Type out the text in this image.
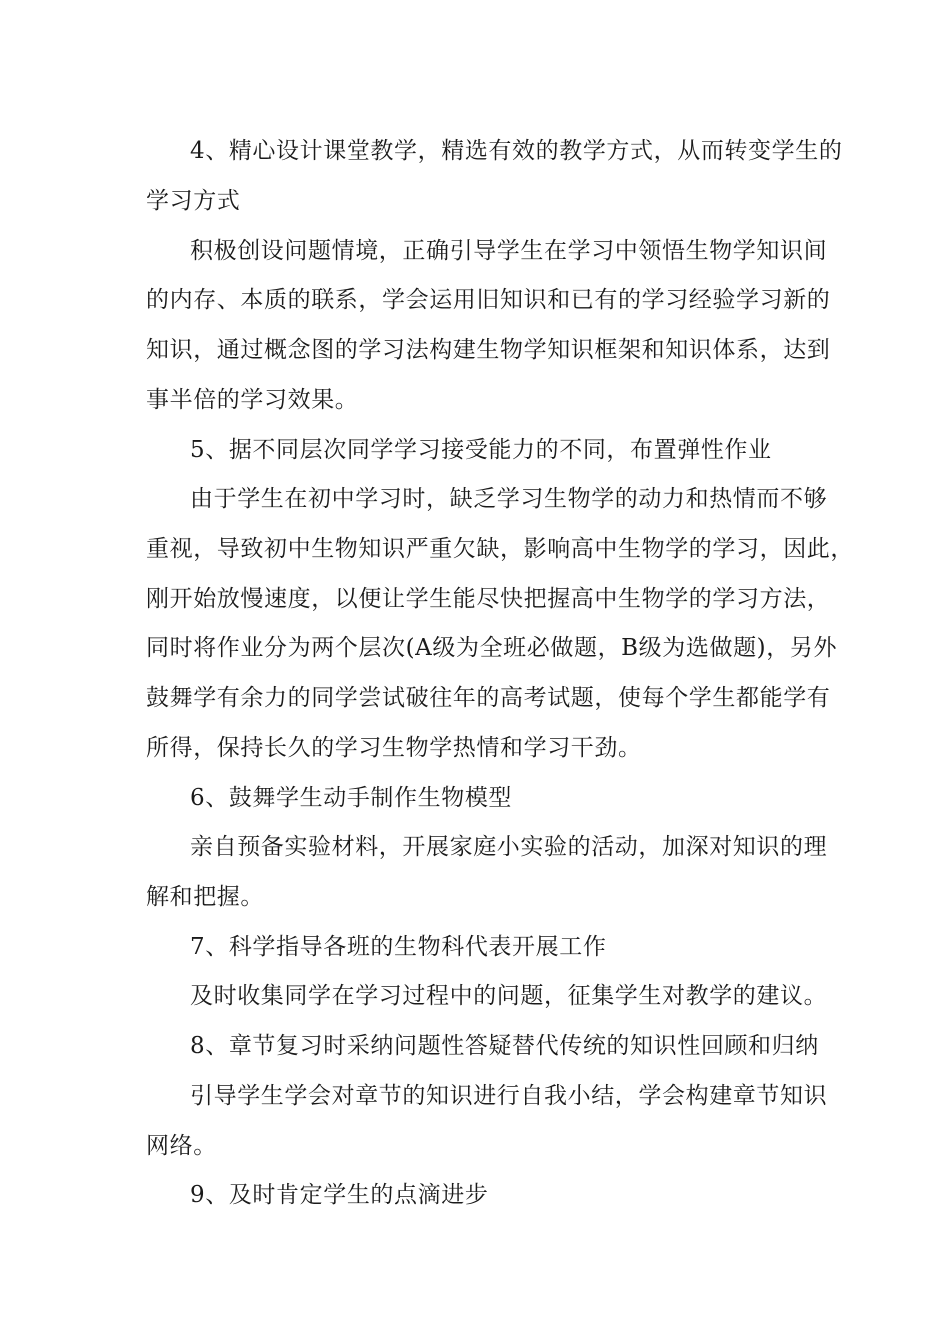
4、精心设计课堂教学，精选有效的教学方式，从而转变学生的
学习方式
积极创设问题情境，正确引导学生在学习中领悟生物学知识间
的内存、本质的联系，学会运用旧知识和已有的学习经验学习新的
知识，通过概念图的学习法构建生物学知识框架和知识体系，达到
事半倍的学习效果。
5、据不同层次同学学习接受能力的不同，布置弹性作业
由于学生在初中学习时，缺乏学习生物学的动力和热情而不够
重视，导致初中生物知识严重欠缺，影响高中生物学的学习，因此，
刚开始放慢速度，以便让学生能尽快把握高中生物学的学习方法，
同时将作业分为两个层次(A级为全班必做题，B级为选做题)，另外
鼓舞学有余力的同学尝试破往年的高考试题，使每个学生都能学有
所得，保持长久的学习生物学热情和学习干劲。
6、鼓舞学生动手制作生物模型
亲自预备实验材料，开展家庭小实验的活动，加深对知识的理
解和把握。
7、科学指导各班的生物科代表开展工作
及时收集同学在学习过程中的问题，征集学生对教学的建议。
8、章节复习时采纳问题性答疑替代传统的知识性回顾和归纳
引导学生学会对章节的知识进行自我小结，学会构建章节知识
网络。
9、及时肯定学生的点滴进步
